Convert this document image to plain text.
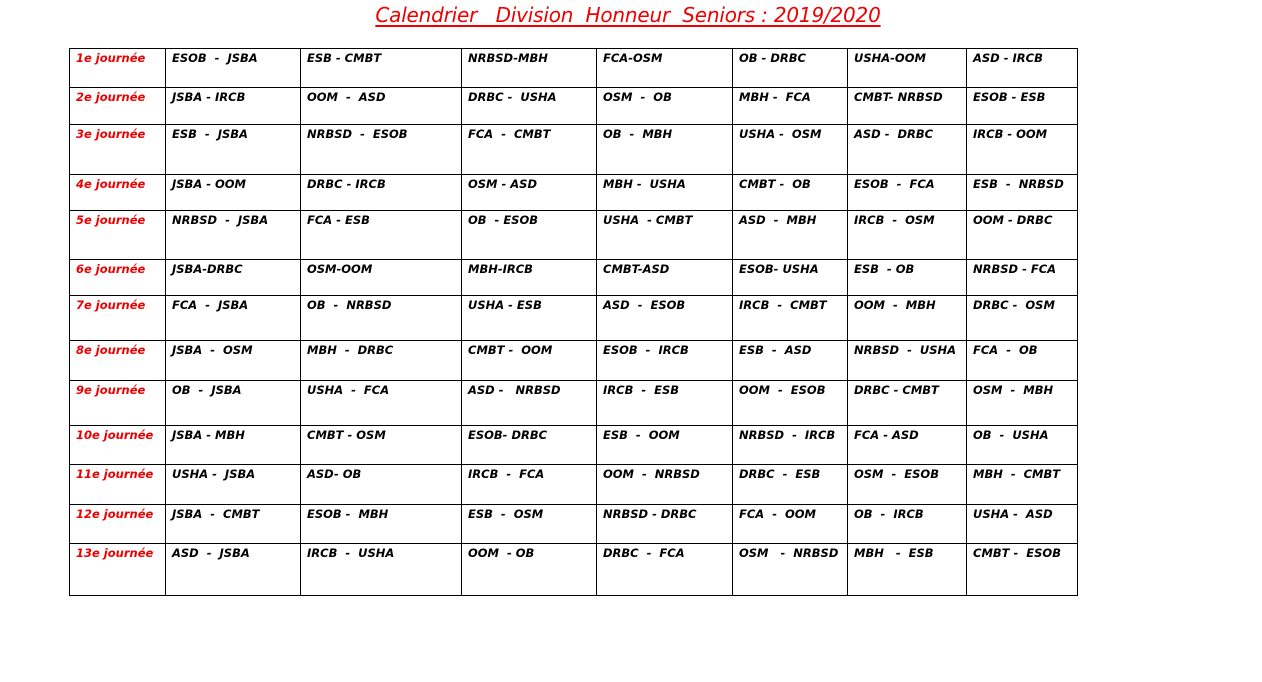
Calendrier   Division  Honneur  Seniors : 2019/2020
1e journée	ESOB  -  JSBA	ESB - CMBT	NRBSD-MBH	FCA-OSM	OB - DRBC	USHA-OOM	ASD - IRCB
2e journée	JSBA - IRCB	OOM  -  ASD	DRBC -  USHA	OSM  -  OB	MBH -  FCA	CMBT- NRBSD	ESOB - ESB
3e journée	ESB  -  JSBA	NRBSD  -  ESOB	FCA  -  CMBT	OB  -  MBH	USHA -  OSM	ASD -  DRBC	IRCB - OOM
4e journée	JSBA - OOM	DRBC - IRCB	OSM - ASD	MBH -  USHA	CMBT -  OB	ESOB  -  FCA	ESB  -  NRBSD
5e journée	NRBSD  -  JSBA	FCA - ESB	OB  - ESOB	USHA  - CMBT	ASD  -  MBH	IRCB  -  OSM	OOM - DRBC
6e journée	JSBA-DRBC	OSM-OOM	MBH-IRCB	CMBT-ASD	ESOB- USHA	ESB  - OB	NRBSD - FCA
7e journée	FCA  -  JSBA	OB  -  NRBSD	USHA - ESB	ASD  -  ESOB	IRCB  -  CMBT	OOM  -  MBH	DRBC -  OSM
8e journée	JSBA  -  OSM	MBH  -  DRBC	CMBT -  OOM	ESOB  -  IRCB	ESB  -  ASD	NRBSD  -  USHA	FCA  -  OB
9e journée	OB  -  JSBA	USHA  -  FCA	ASD -   NRBSD	IRCB  -  ESB	OOM  -  ESOB	DRBC - CMBT	OSM  -  MBH
10e journée	JSBA - MBH	CMBT - OSM	ESOB- DRBC	ESB  -  OOM	NRBSD  -  IRCB	FCA - ASD	OB  -  USHA
11e journée	USHA -  JSBA	ASD- OB	IRCB  -  FCA	OOM  -  NRBSD	DRBC  -  ESB	OSM  -  ESOB	MBH  -  CMBT
12e journée	JSBA  -  CMBT	ESOB -  MBH	ESB  -  OSM	NRBSD - DRBC	FCA  -  OOM	OB  -  IRCB	USHA -  ASD
13e journée	ASD  -  JSBA	IRCB  -  USHA	OOM  - OB	DRBC  -  FCA	OSM   -  NRBSD	MBH   -  ESB	CMBT -  ESOB
